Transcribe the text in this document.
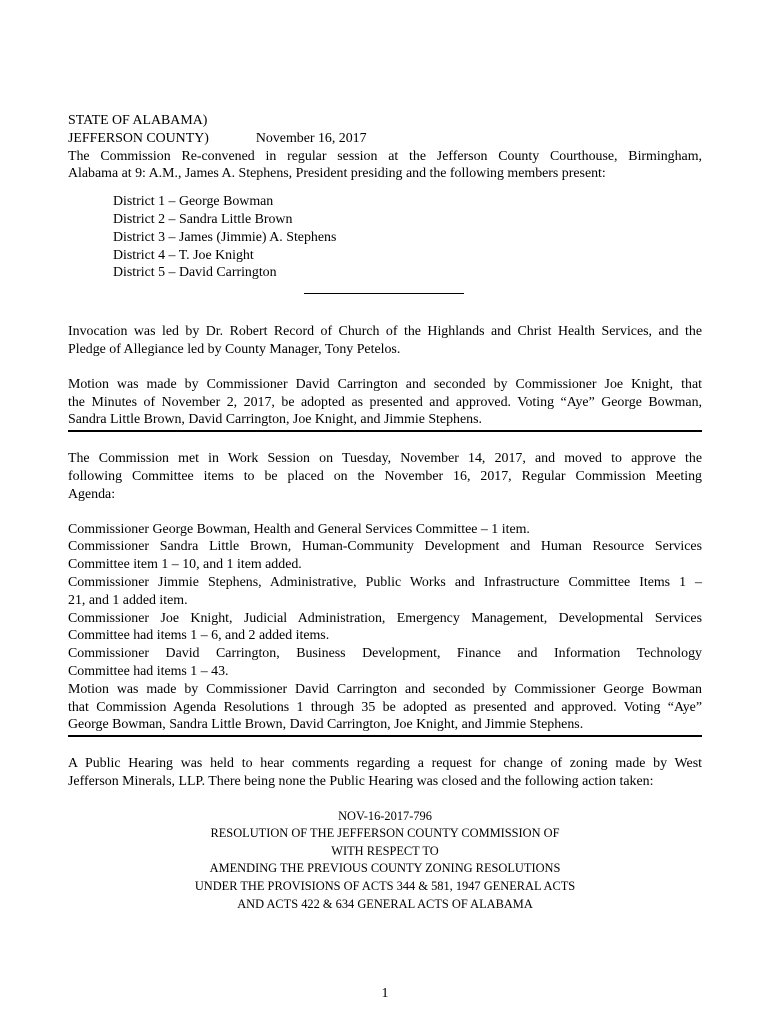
STATE OF ALABAMA)
JEFFERSON COUNTY)	November 16, 2017
The Commission Re-convened in regular session at the Jefferson County Courthouse, Birmingham,
Alabama at 9: A.M., James A. Stephens, President presiding and the following members present:
District 1 – George Bowman
District 2 – Sandra Little Brown
District 3 – James (Jimmie) A. Stephens
District 4 – T. Joe Knight
District 5 – David Carrington
Invocation was led by Dr. Robert Record of Church of the Highlands and Christ Health Services, and the
Pledge of Allegiance led by County Manager, Tony Petelos.
Motion was made by Commissioner David Carrington and seconded by Commissioner Joe Knight, that
the Minutes of November 2, 2017, be adopted as presented and approved. Voting “Aye” George Bowman,
Sandra Little Brown, David Carrington, Joe Knight, and Jimmie Stephens.
The Commission met in Work Session on Tuesday, November 14, 2017, and moved to approve the
following Committee items to be placed on the November 16, 2017, Regular Commission Meeting
Agenda:
Commissioner George Bowman, Health and General Services Committee – 1 item.
Commissioner Sandra Little Brown, Human-Community Development and Human Resource Services
Committee item 1 – 10, and 1 item added.
Commissioner Jimmie Stephens, Administrative, Public Works and Infrastructure Committee Items 1 –
21, and 1 added item.
Commissioner Joe Knight, Judicial Administration, Emergency Management, Developmental Services
Committee had items 1 – 6, and 2 added items.
Commissioner David Carrington, Business Development, Finance and Information Technology
Committee had items 1 – 43.
Motion was made by Commissioner David Carrington and seconded by Commissioner George Bowman
that Commission Agenda Resolutions 1 through 35 be adopted as presented and approved. Voting “Aye”
George Bowman, Sandra Little Brown, David Carrington, Joe Knight, and Jimmie Stephens.
A Public Hearing was held to hear comments regarding a request for change of zoning made by West
Jefferson Minerals, LLP. There being none the Public Hearing was closed and the following action taken:
NOV-16-2017-796
RESOLUTION OF THE JEFFERSON COUNTY COMMISSION OF
WITH RESPECT TO
AMENDING THE PREVIOUS COUNTY ZONING RESOLUTIONS
UNDER THE PROVISIONS OF ACTS 344 & 581, 1947 GENERAL ACTS
AND ACTS 422 & 634 GENERAL ACTS OF ALABAMA
1
